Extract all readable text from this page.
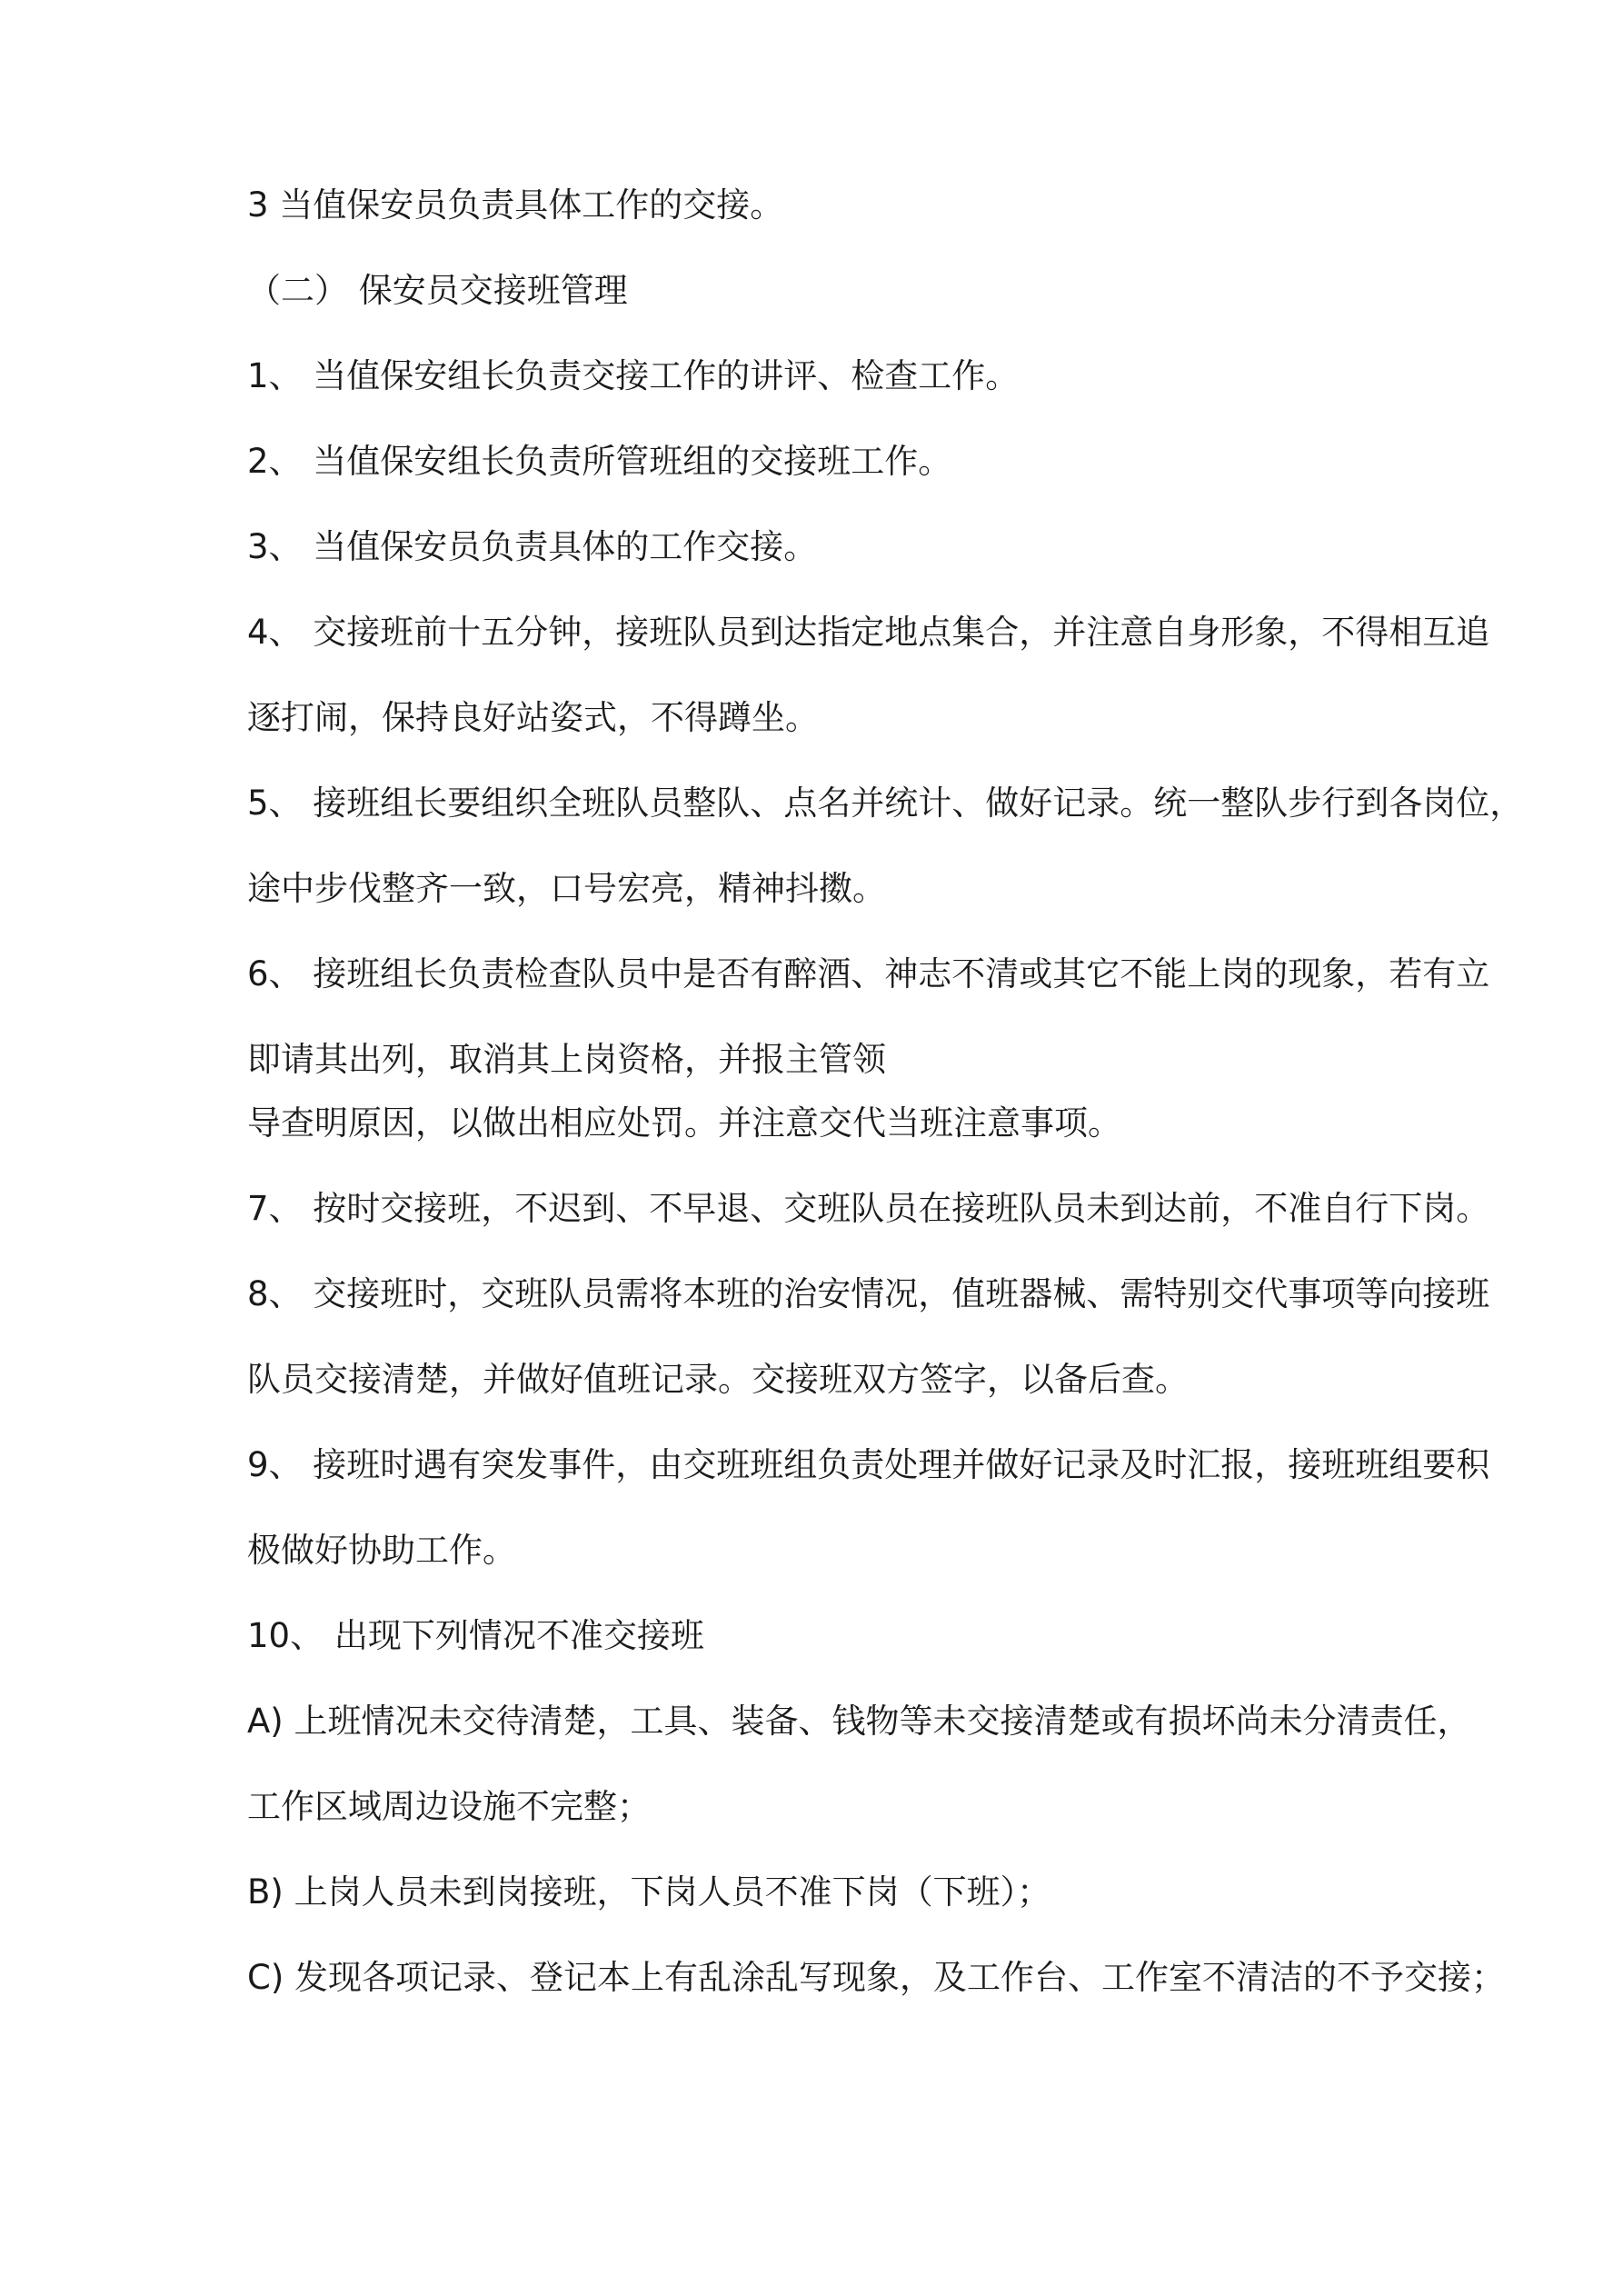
3 当值保安员负责具体工作的交接。

（二） 保安员交接班管理

1、 当值保安组长负责交接工作的讲评、检查工作。

2、 当值保安组长负责所管班组的交接班工作。

3、 当值保安员负责具体的工作交接。

4、 交接班前十五分钟，接班队员到达指定地点集合，并注意自身形象，不得相互追

逐打闹，保持良好站姿式，不得蹲坐。

5、 接班组长要组织全班队员整队、点名并统计、做好记录。统一整队步行到各岗位，

途中步伐整齐一致，口号宏亮，精神抖擞。

6、 接班组长负责检查队员中是否有醉酒、神志不清或其它不能上岗的现象，若有立

即请其出列，取消其上岗资格，并报主管领

导查明原因，以做出相应处罚。并注意交代当班注意事项。

7、 按时交接班，不迟到、不早退、交班队员在接班队员未到达前，不准自行下岗。

8、 交接班时，交班队员需将本班的治安情况，值班器械、需特别交代事项等向接班

队员交接清楚，并做好值班记录。交接班双方签字，以备后查。

9、 接班时遇有突发事件，由交班班组负责处理并做好记录及时汇报，接班班组要积

极做好协助工作。

10、 出现下列情况不准交接班

A) 上班情况未交待清楚，工具、装备、钱物等未交接清楚或有损坏尚未分清责任，

工作区域周边设施不完整；

B) 上岗人员未到岗接班，下岗人员不准下岗（下班）；

C) 发现各项记录、登记本上有乱涂乱写现象，及工作台、工作室不清洁的不予交接；
